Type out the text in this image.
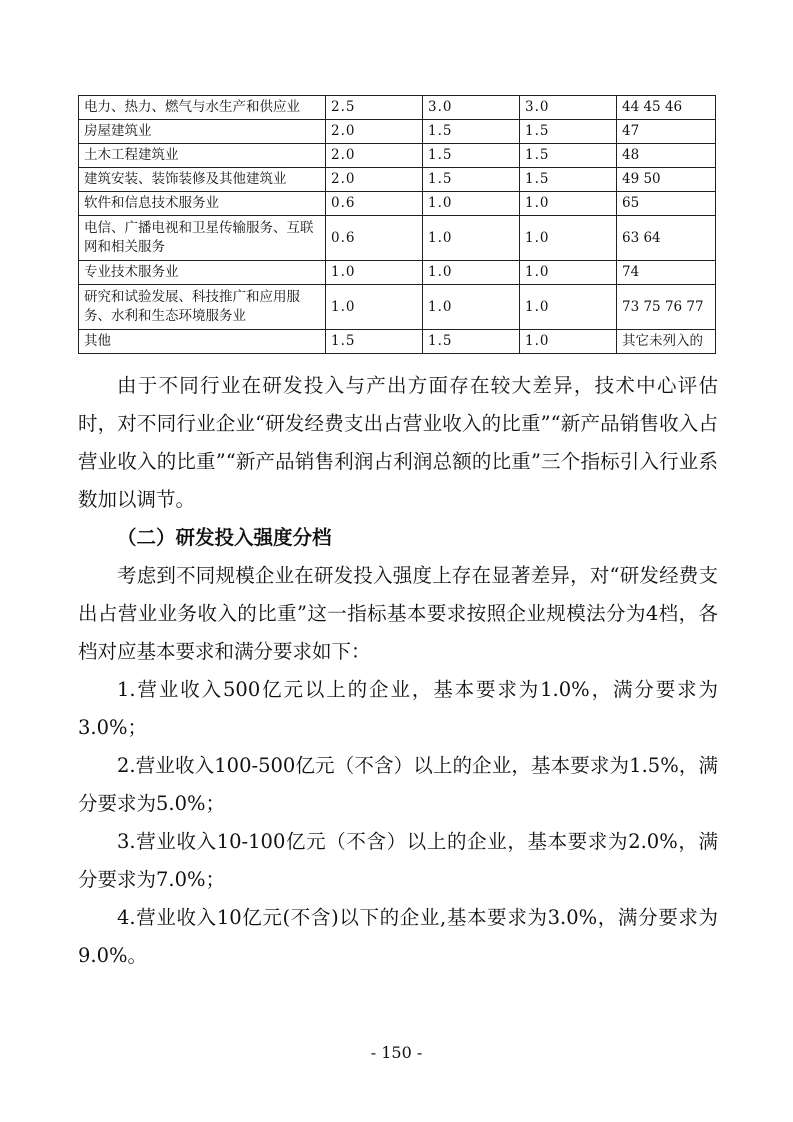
电力、热力、燃气与水生产和供应业	2.5	3.0	3.0	44 45 46
房屋建筑业	2.0	1.5	1.5	47
土木工程建筑业	2.0	1.5	1.5	48
建筑安装、装饰装修及其他建筑业	2.0	1.5	1.5	49 50
软件和信息技术服务业	0.6	1.0	1.0	65
电信、广播电视和卫星传输服务、互联网和相关服务	0.6	1.0	1.0	63 64
专业技术服务业	1.0	1.0	1.0	74
研究和试验发展、科技推广和应用服务、水利和生态环境服务业	1.0	1.0	1.0	73 75 76 77
其他	1.5	1.5	1.0	其它未列入的

由于不同行业在研发投入与产出方面存在较大差异，技术中心评估时，对不同行业企业“研发经费支出占营业收入的比重”“新产品销售收入占营业收入的比重”“新产品销售利润占利润总额的比重”三个指标引入行业系数加以调节。

（二）研发投入强度分档

考虑到不同规模企业在研发投入强度上存在显著差异，对“研发经费支出占营业业务收入的比重”这一指标基本要求按照企业规模法分为4档，各档对应基本要求和满分要求如下：

1.营业收入500亿元以上的企业，基本要求为1.0%，满分要求为3.0%；

2.营业收入100-500亿元（不含）以上的企业，基本要求为1.5%，满分要求为5.0%；

3.营业收入10-100亿元（不含）以上的企业，基本要求为2.0%，满分要求为7.0%；

4.营业收入10亿元(不含)以下的企业,基本要求为3.0%，满分要求为9.0%。

- 150 -
